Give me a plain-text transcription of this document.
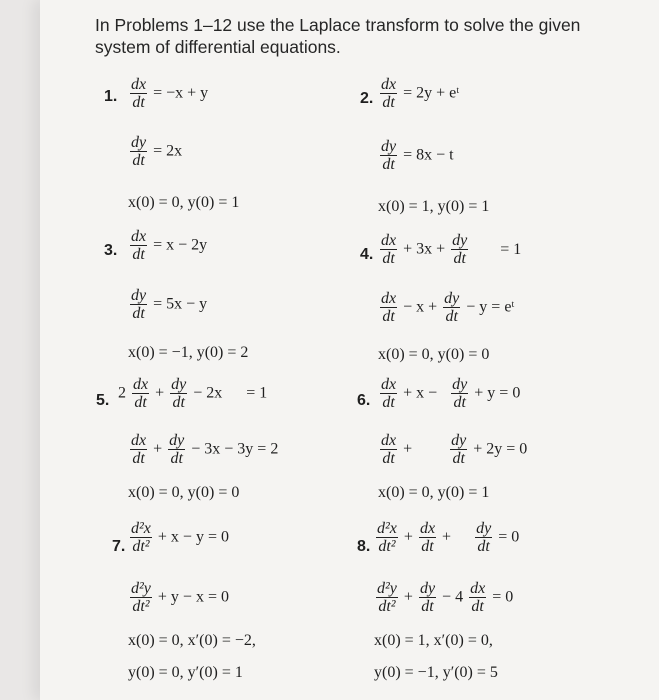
In Problems 1–12 use the Laplace transform to solve the given system of differential equations.
1. $\frac{dx}{dt} = -x + y$
$\frac{dy}{dt} = 2x$
x(0) = 0, y(0) = 1
2. $\frac{dx}{dt} = 2y$ + eᵗ
$\frac{dy}{dt} = 8x - t$
x(0) = 1, y(0) = 1
3. $\frac{dx}{dt} = x - 2y$
$\frac{dy}{dt} = 5x - y$
x(0) = −1, y(0) = 2
4. $\frac{dx}{dt} + 3x + \frac{dy}{dt} = 1$
$\frac{dx}{dt} - x + \frac{dy}{dt} - y$ = eᵗ
x(0) = 0, y(0) = 0
5. $2 \frac{dx}{dt} + \frac{dy}{dt} - 2x$      = 1
$\frac{dx}{dt} + \frac{dy}{dt} - 3x - 3y = 2$
x(0) = 0, y(0) = 0
6. $\frac{dx}{dt} + x - \frac{dy}{dt} + y = 0$
$\frac{dx}{dt} + \frac{dy}{dt} + 2y = 0$
x(0) = 0, y(0) = 1
7. $\frac{\text{d²x}}{\text{dt²}} + x - y = 0$
$\frac{\text{d²y}}{\text{dt²}} + y - x = 0$
x(0) = 0, x′(0) = −2,
y(0) = 0, y′(0) = 1
8. $\frac{\text{d²x}}{\text{dt²}} + \frac{dx}{dt} + \frac{dy}{dt} = 0$
$\frac{\text{d²y}}{\text{dt²}} + \frac{dy}{dt} - 4 \frac{dx}{dt} = 0$
x(0) = 1, x′(0) = 0,
y(0) = −1, y′(0) = 5
